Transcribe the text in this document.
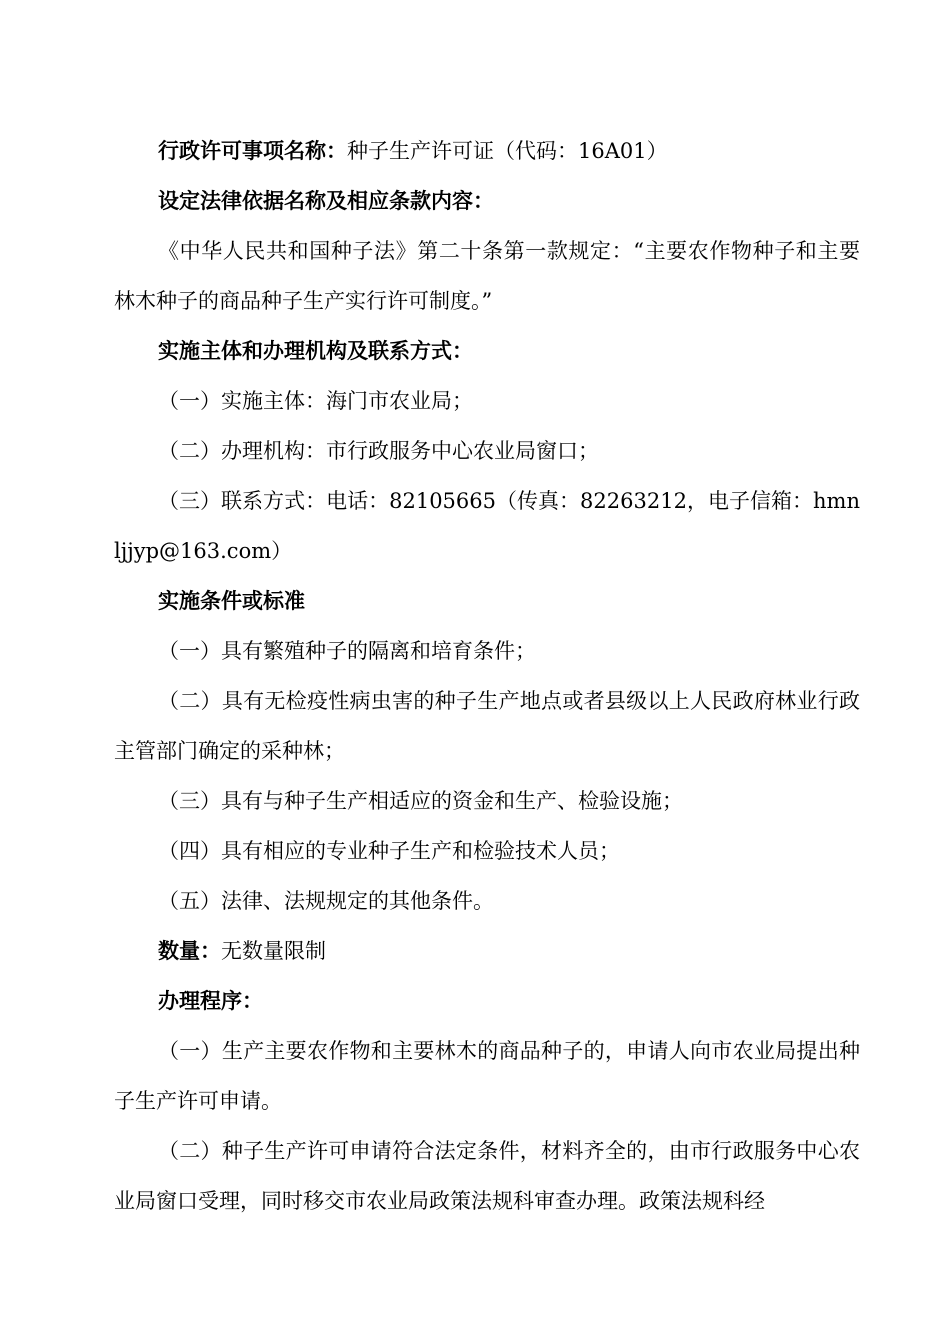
行政许可事项名称：种子生产许可证（代码：16A01）

设定法律依据名称及相应条款内容：

《中华人民共和国种子法》第二十条第一款规定：“主要农作物种子和主要林木种子的商品种子生产实行许可制度。”

实施主体和办理机构及联系方式：

（一）实施主体：海门市农业局；

（二）办理机构：市行政服务中心农业局窗口；

（三）联系方式：电话：82105665（传真：82263212，电子信箱：hmnljjyp@163.com）

实施条件或标准

（一）具有繁殖种子的隔离和培育条件；

（二）具有无检疫性病虫害的种子生产地点或者县级以上人民政府林业行政主管部门确定的采种林；

（三）具有与种子生产相适应的资金和生产、检验设施；

（四）具有相应的专业种子生产和检验技术人员；

（五）法律、法规规定的其他条件。

数量：无数量限制

办理程序：

（一）生产主要农作物和主要林木的商品种子的，申请人向市农业局提出种子生产许可申请。

（二）种子生产许可申请符合法定条件，材料齐全的，由市行政服务中心农业局窗口受理，同时移交市农业局政策法规科审查办理。政策法规科经
